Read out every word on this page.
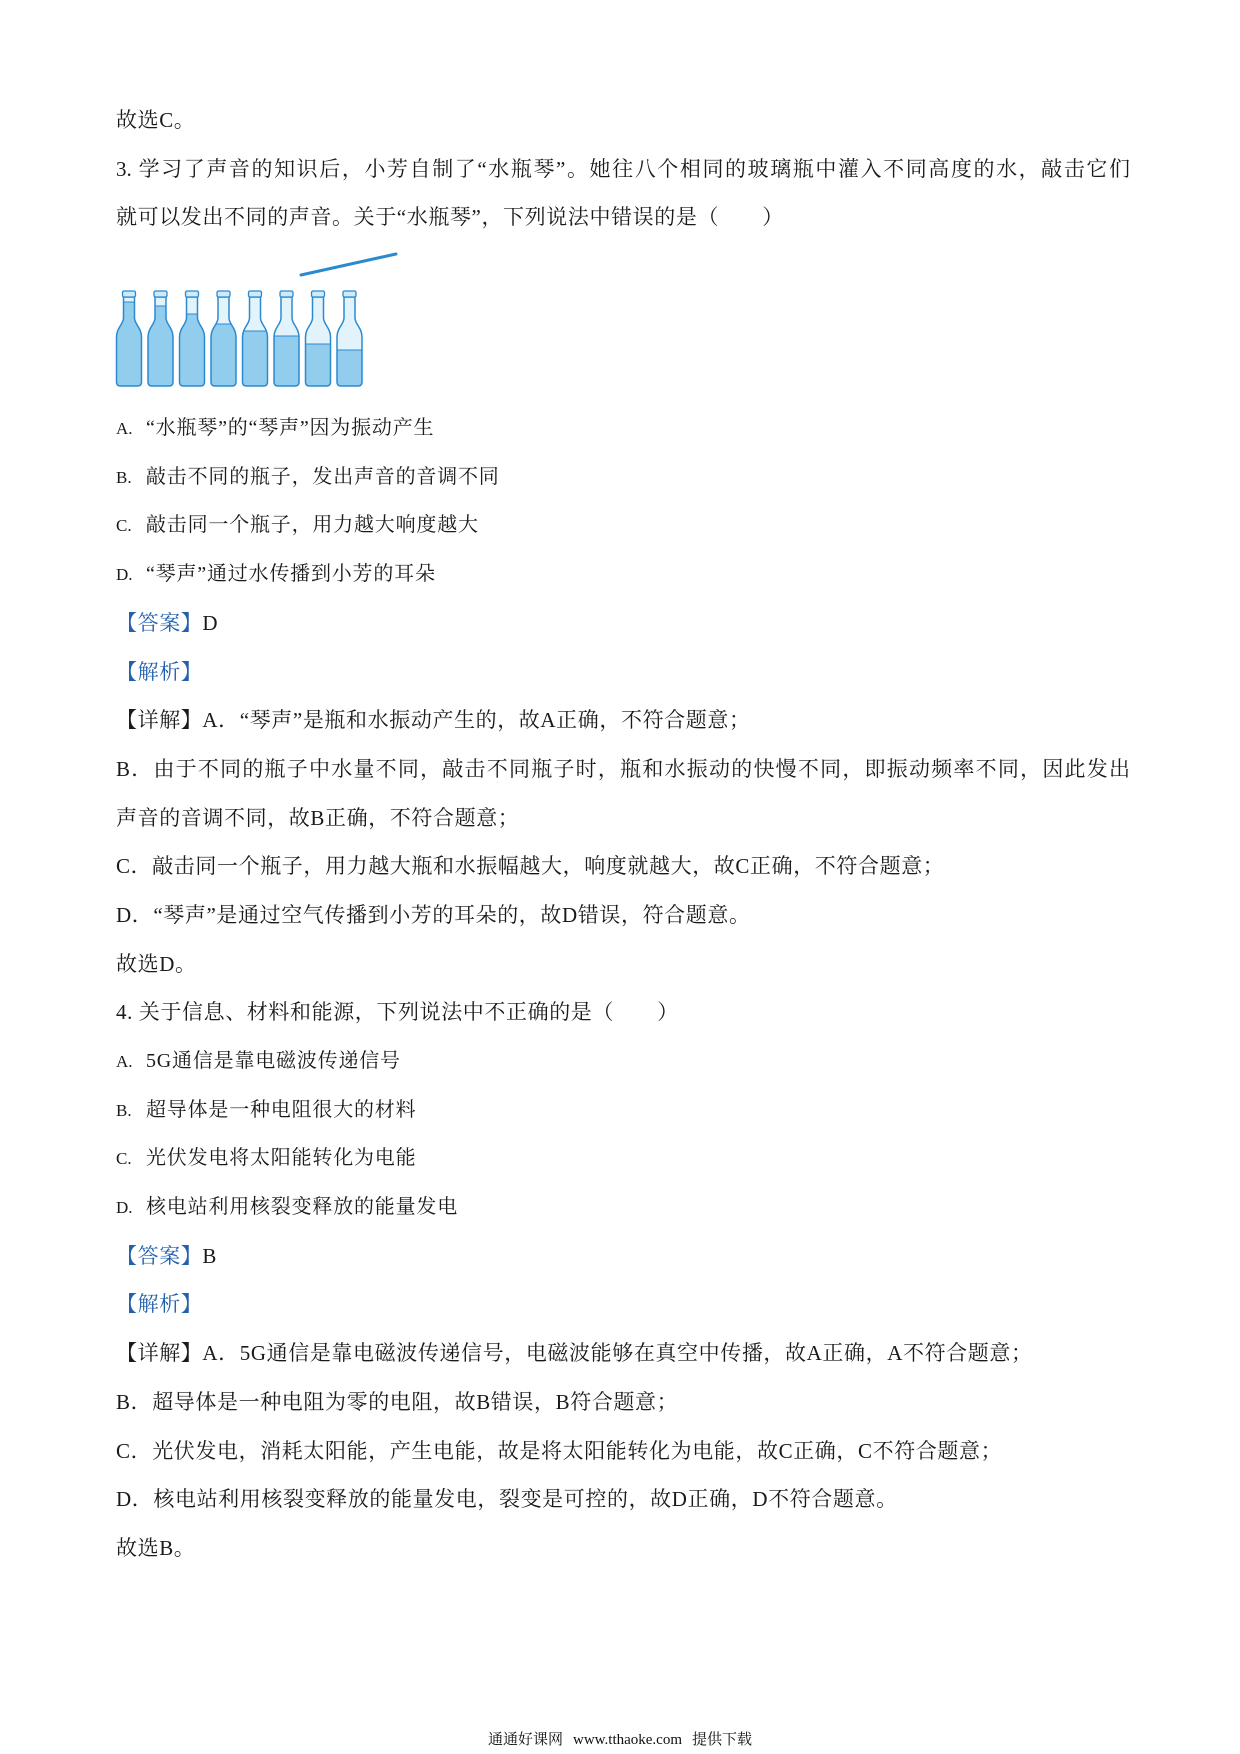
故选C。
3. 学习了声音的知识后，小芳自制了“水瓶琴”。她往八个相同的玻璃瓶中灌入不同高度的水，敲击它们
就可以发出不同的声音。关于“水瓶琴”，下列说法中错误的是（　　）
A. “水瓶琴”的“琴声”因为振动产生
B. 敲击不同的瓶子，发出声音的音调不同
C. 敲击同一个瓶子，用力越大响度越大
D. “琴声”通过水传播到小芳的耳朵
【答案】D
【解析】
【详解】A．“琴声”是瓶和水振动产生的，故A正确，不符合题意；
B．由于不同的瓶子中水量不同，敲击不同瓶子时，瓶和水振动的快慢不同，即振动频率不同，因此发出
声音的音调不同，故B正确，不符合题意；
C．敲击同一个瓶子，用力越大瓶和水振幅越大，响度就越大，故C正确，不符合题意；
D．“琴声”是通过空气传播到小芳的耳朵的，故D错误，符合题意。
故选D。
4. 关于信息、材料和能源，下列说法中不正确的是（　　）
A. 5G通信是靠电磁波传递信号
B. 超导体是一种电阻很大的材料
C. 光伏发电将太阳能转化为电能
D. 核电站利用核裂变释放的能量发电
【答案】B
【解析】
【详解】A．5G通信是靠电磁波传递信号，电磁波能够在真空中传播，故A正确，A不符合题意；
B．超导体是一种电阻为零的电阻，故B错误，B符合题意；
C．光伏发电，消耗太阳能，产生电能，故是将太阳能转化为电能，故C正确，C不符合题意；
D．核电站利用核裂变释放的能量发电，裂变是可控的，故D正确，D不符合题意。
故选B。
通通好课网 www.tthaoke.com 提供下载
